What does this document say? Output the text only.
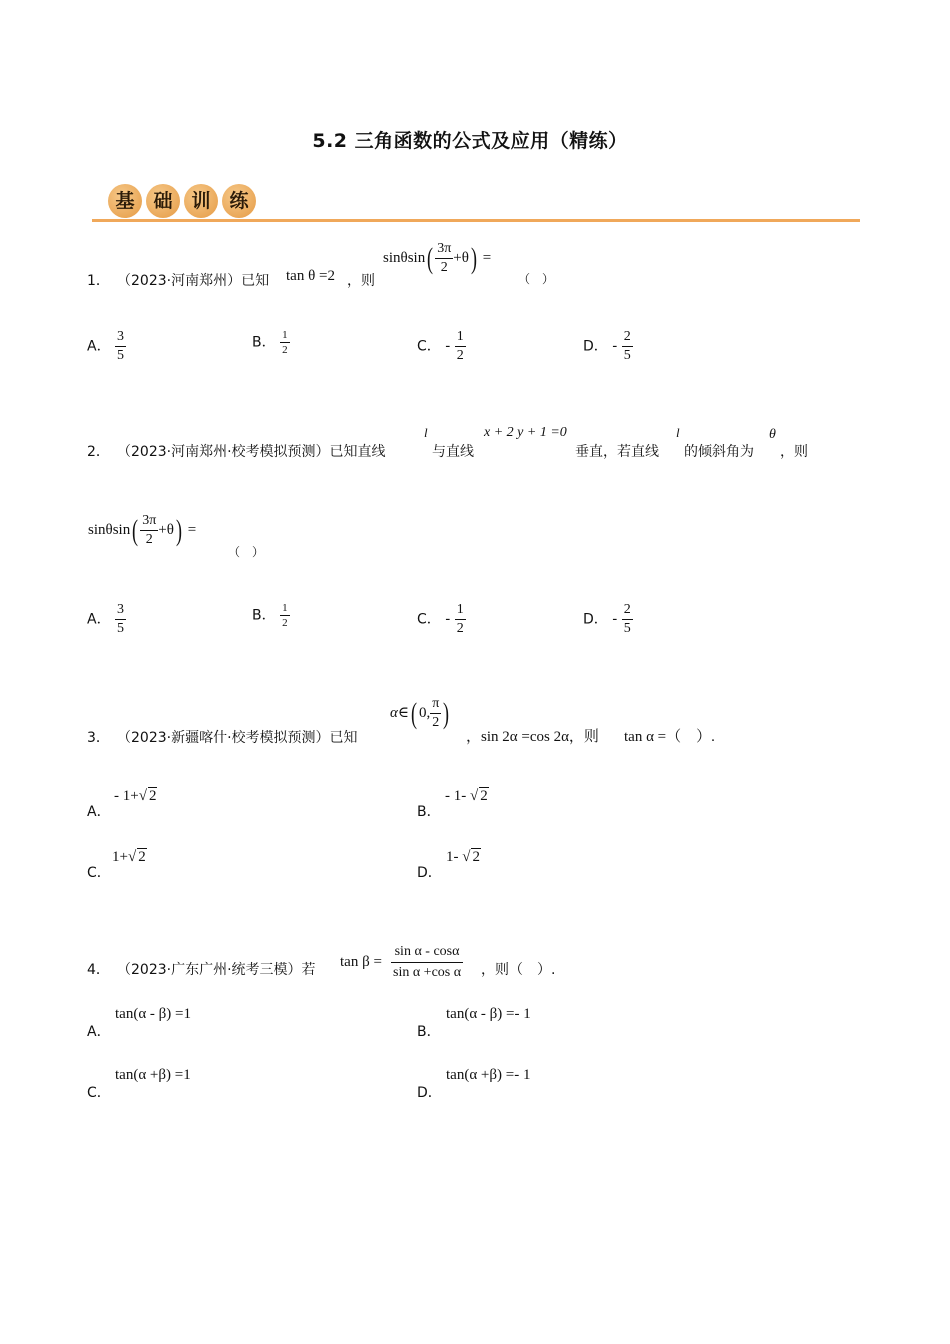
5.2 三角函数的公式及应用（精练）
基 础 训 练
1． （2023·河南郑州）已知 tan θ =2 ，则
$\sin\theta\sin( \frac{3\pi}{2} +\theta)$ =
（　）
A． $\frac{3}{5}$	B． $\frac{1}{2}$	C． - $\frac{1}{2}$	D． - $\frac{2}{5}$
2． （2023·河南郑州·校考模拟预测）已知直线
l
与直线
x + 2 y + 1 =0
垂直，若直线
l
的倾斜角为
θ
，则
$\sin\theta\sin( \frac{3\pi}{2} +\theta)$ =
（　）
A． $\frac{3}{5}$	B． $\frac{1}{2}$	C． - $\frac{1}{2}$	D． - $\frac{2}{5}$
3． （2023·新疆喀什·校考模拟预测）已知
α∈( 0, $\frac{\pi}{2}$ )
，sin 2α =cos 2α，则 tan α =（　）.
A．
- 1+√ 2
B．
- 1- √ 2
C．
1+√ 2
D．
1- √ 2
4． （2023·广东广州·统考三模）若 $\tan \beta = \frac{\text{sin α - cosα}}{\text{sin α +cos α}}$ ，则（　）.
A．
tan(α - β) =1
B．
tan(α - β) =- 1
C．
tan(α +β) =1
D．
tan(α +β) =- 1
